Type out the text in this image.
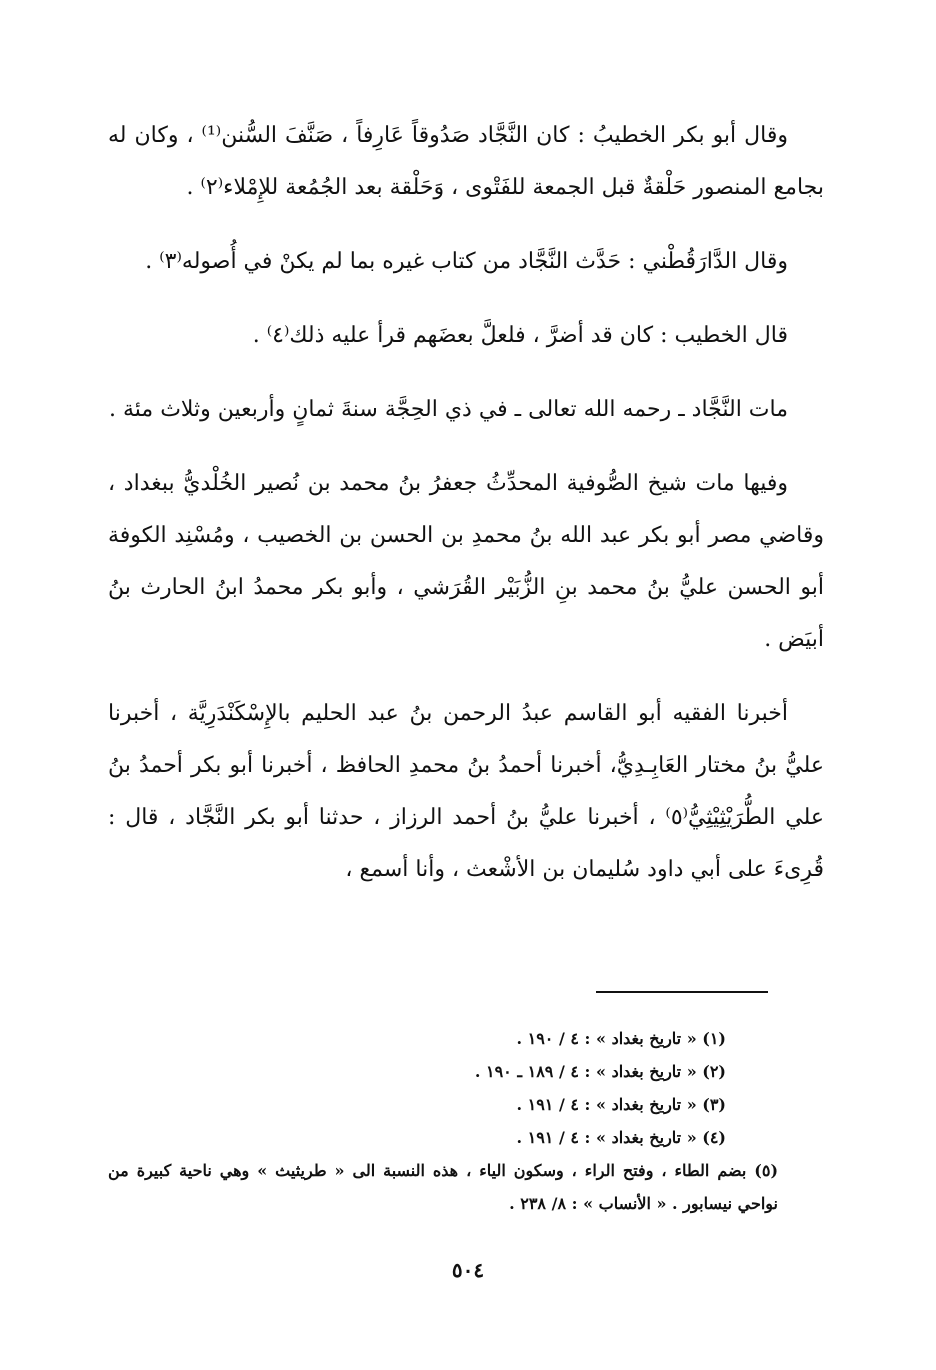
وقال أبو بكر الخطيبُ : كان النَّجَّاد صَدُوقاً عَارِفاً ، صَنَّفَ السُّنن⁽¹⁾ ، وكان له بجامع المنصور حَلْقةٌ قبل الجمعة للفَتْوى ، وَحَلْقة بعد الجُمُعة للإِمْلاء⁽٢⁾ .

وقال الدَّارَقُطْني : حَدَّث النَّجَّاد من كتاب غيره بما لم يكنْ في أُصوله⁽٣⁾ .

قال الخطيب : كان قد أضرَّ ، فلعلَّ بعضَهم قرأ عليه ذلك⁽٤⁾ .

مات النَّجَّاد ـ رحمه الله تعالى ـ في ذي الحِجَّة سنةَ ثمانٍ وأربعين وثلاث مئة .

وفيها مات شيخ الصُّوفية المحدِّثُ جعفرُ بنُ محمد بن نُصير الخُلْديُّ ببغداد ، وقاضي مصر أبو بكر عبد الله بنُ محمدِ بن الحسن بن الخصيب ، ومُسْنِد الكوفة أبو الحسن عليُّ بنُ محمد بنِ الزُّبَيْر القُرَشي ، وأبو بكر محمدُ ابنُ الحارث بنُ أبيَض .

أخبرنا الفقيه أبو القاسم عبدُ الرحمن بنُ عبد الحليم بالإِسْكَنْدَرِيَّة ، أخبرنا عليُّ بنُ مختار العَابِـدِيُّ، أخبرنا أحمدُ بنُ محمدِ الحافظ ، أخبرنا أبو بكر أحمدُ بنُ علي الطُّرَيْثِيْثِيُّ⁽٥⁾ ، أخبرنا عليُّ بنُ أحمد الرزاز ، حدثنا أبو بكر النَّجَّاد ، قال : قُرِىءَ على أبي داود سُليمان بن الأشْعث ، وأنا أسمع ،

(١) « تاريخ بغداد » : ٤ / ١٩٠ .

(٢) « تاريخ بغداد » : ٤ / ١٨٩ ـ ١٩٠ .

(٣) « تاريخ بغداد » : ٤ / ١٩١ .

(٤) « تاريخ بغداد » : ٤ / ١٩١ .

(٥) بضم الطاء ، وفتح الراء ، وسكون الياء ، هذه النسبة الى « طريثيث » وهي ناحية كبيرة من نواحي نيسابور . « الأنساب » : ٨/ ٢٣٨ .

٥٠٤
